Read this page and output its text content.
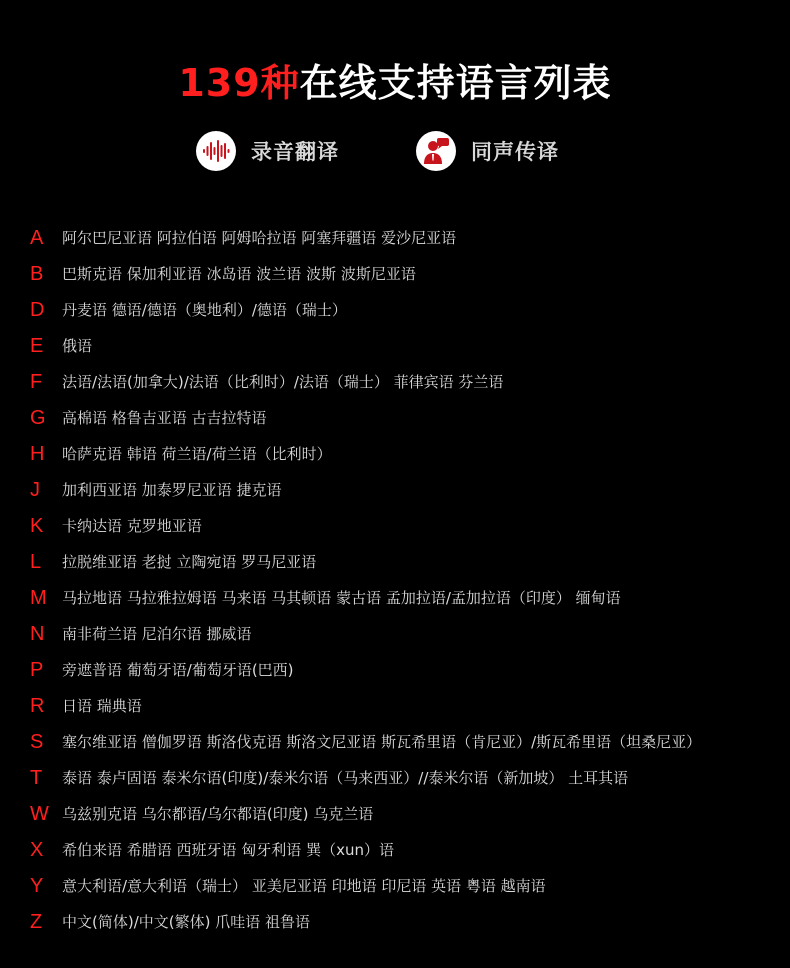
139种在线支持语言列表
录音翻译	同声传译
A	阿尔巴尼亚语 阿拉伯语 阿姆哈拉语 阿塞拜疆语 爱沙尼亚语
B	巴斯克语 保加利亚语 冰岛语 波兰语 波斯 波斯尼亚语
D	丹麦语 德语/德语（奥地利）/德语（瑞士）
E	俄语
F	法语/法语(加拿大)/法语（比利时）/法语（瑞士） 菲律宾语 芬兰语
G	高棉语 格鲁吉亚语 古吉拉特语
H	哈萨克语 韩语 荷兰语/荷兰语（比利时）
J	加利西亚语 加泰罗尼亚语 捷克语
K	卡纳达语 克罗地亚语
L	拉脱维亚语 老挝 立陶宛语 罗马尼亚语
M	马拉地语 马拉雅拉姆语 马来语 马其顿语 蒙古语 孟加拉语/孟加拉语（印度） 缅甸语
N	南非荷兰语 尼泊尔语 挪威语
P	旁遮普语 葡萄牙语/葡萄牙语(巴西)
R	日语 瑞典语
S	塞尔维亚语 僧伽罗语 斯洛伐克语 斯洛文尼亚语 斯瓦希里语（肯尼亚）/斯瓦希里语（坦桑尼亚）
T	泰语 泰卢固语 泰米尔语(印度)/泰米尔语（马来西亚）//泰米尔语（新加坡） 土耳其语
W 乌兹别克语 乌尔都语/乌尔都语(印度) 乌克兰语
X	希伯来语 希腊语 西班牙语 匈牙利语 巽（xun）语
Y	意大利语/意大利语（瑞士） 亚美尼亚语 印地语 印尼语 英语 粤语 越南语
Z	中文(简体)/中文(繁体) 爪哇语 祖鲁语
